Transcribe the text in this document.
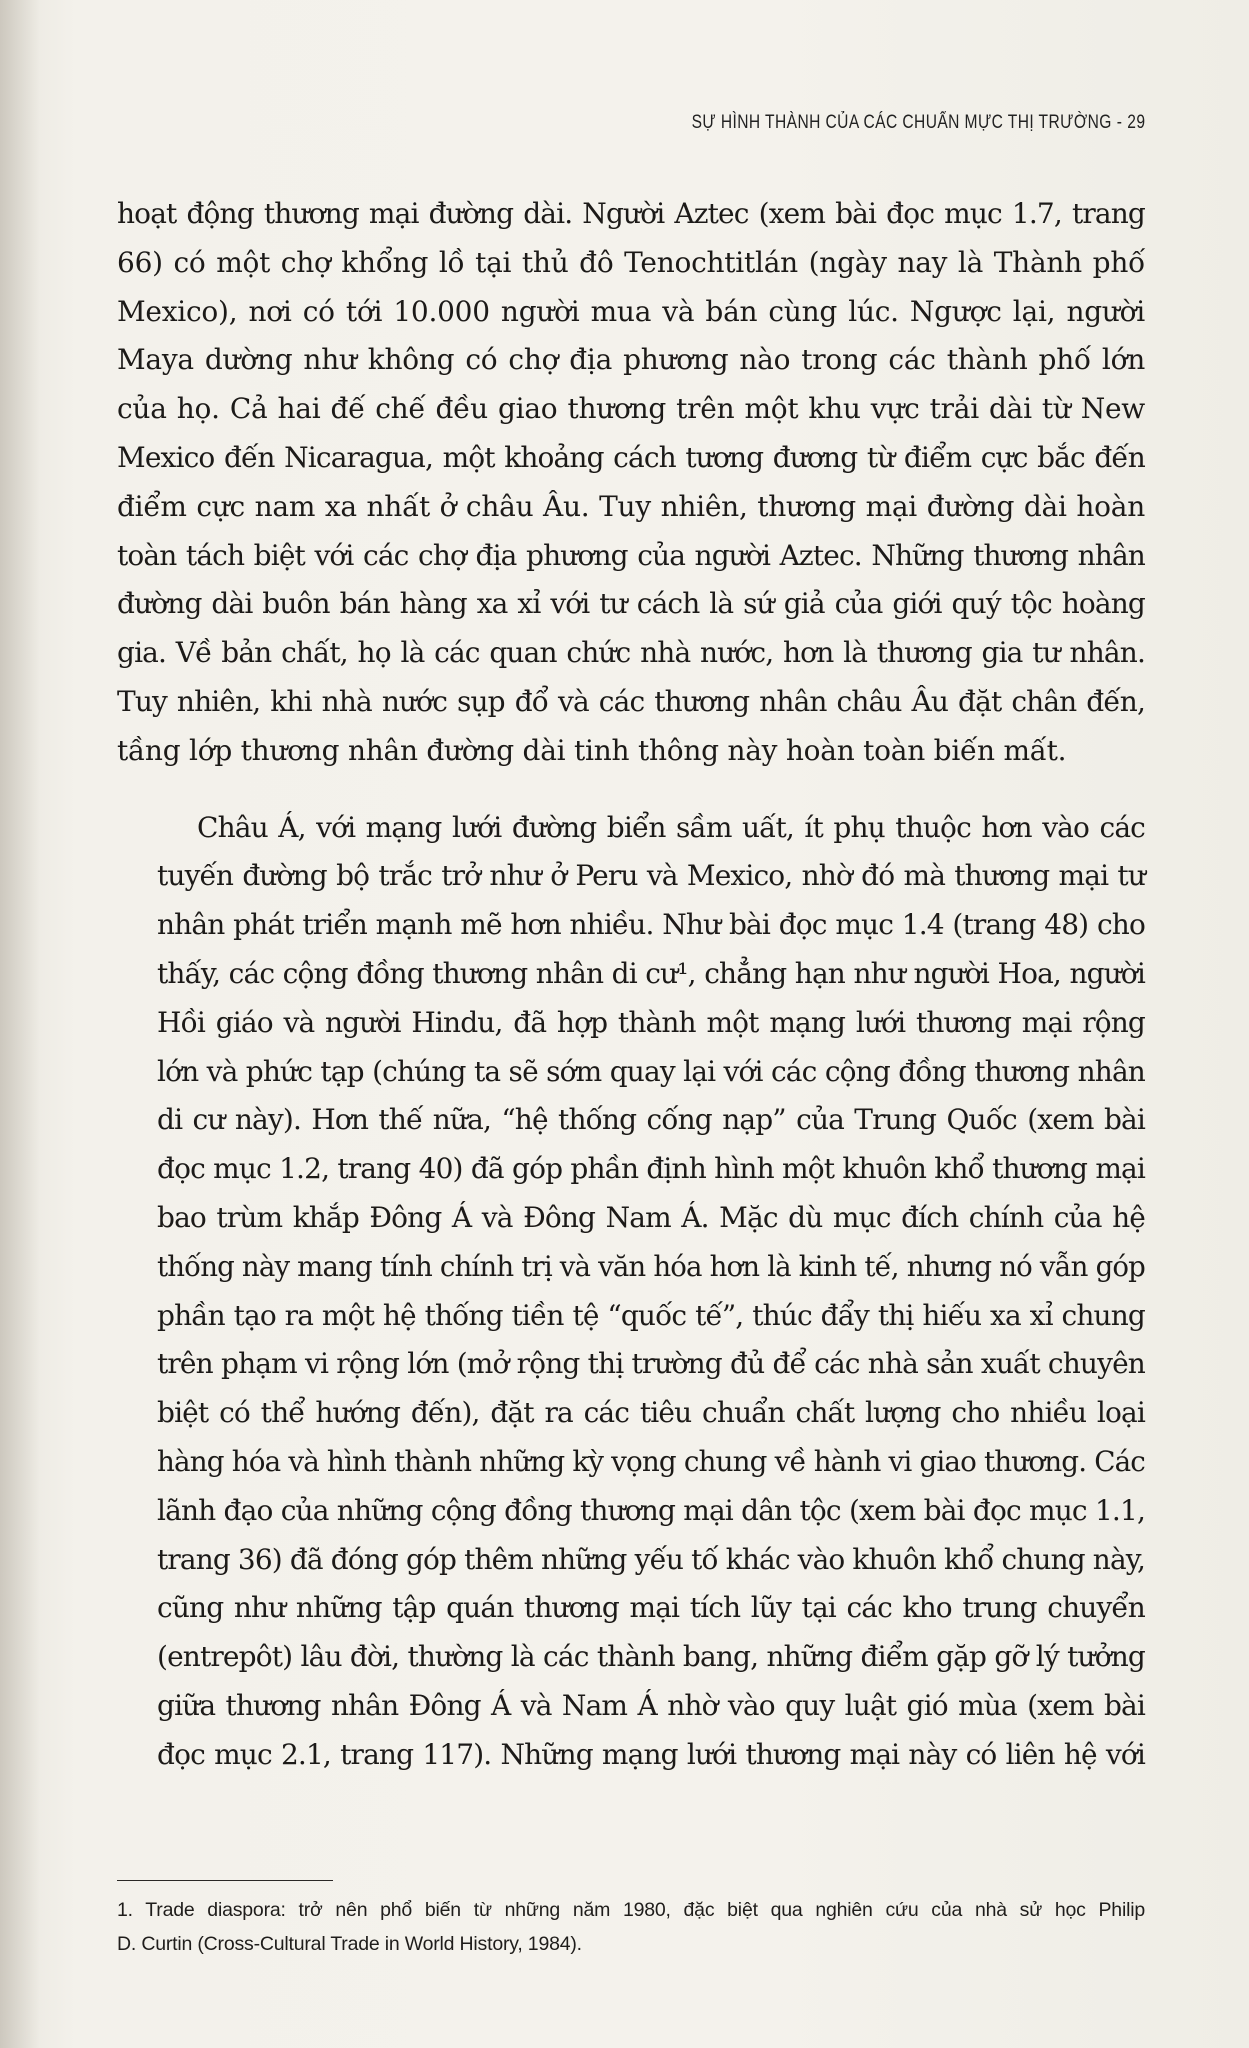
SỰ HÌNH THÀNH CỦA CÁC CHUẨN MỰC THỊ TRƯỜNG - 29

hoạt động thương mại đường dài. Người Aztec (xem bài đọc mục 1.7, trang
66) có một chợ khổng lồ tại thủ đô Tenochtitlán (ngày nay là Thành phố
Mexico), nơi có tới 10.000 người mua và bán cùng lúc. Ngược lại, người
Maya dường như không có chợ địa phương nào trong các thành phố lớn
của họ. Cả hai đế chế đều giao thương trên một khu vực trải dài từ New
Mexico đến Nicaragua, một khoảng cách tương đương từ điểm cực bắc đến
điểm cực nam xa nhất ở châu Âu. Tuy nhiên, thương mại đường dài hoàn
toàn tách biệt với các chợ địa phương của người Aztec. Những thương nhân
đường dài buôn bán hàng xa xỉ với tư cách là sứ giả của giới quý tộc hoàng
gia. Về bản chất, họ là các quan chức nhà nước, hơn là thương gia tư nhân.
Tuy nhiên, khi nhà nước sụp đổ và các thương nhân châu Âu đặt chân đến,
tầng lớp thương nhân đường dài tinh thông này hoàn toàn biến mất.

Châu Á, với mạng lưới đường biển sầm uất, ít phụ thuộc hơn vào các
tuyến đường bộ trắc trở như ở Peru và Mexico, nhờ đó mà thương mại tư
nhân phát triển mạnh mẽ hơn nhiều. Như bài đọc mục 1.4 (trang 48) cho
thấy, các cộng đồng thương nhân di cư¹, chẳng hạn như người Hoa, người
Hồi giáo và người Hindu, đã hợp thành một mạng lưới thương mại rộng
lớn và phức tạp (chúng ta sẽ sớm quay lại với các cộng đồng thương nhân
di cư này). Hơn thế nữa, “hệ thống cống nạp” của Trung Quốc (xem bài
đọc mục 1.2, trang 40) đã góp phần định hình một khuôn khổ thương mại
bao trùm khắp Đông Á và Đông Nam Á. Mặc dù mục đích chính của hệ
thống này mang tính chính trị và văn hóa hơn là kinh tế, nhưng nó vẫn góp
phần tạo ra một hệ thống tiền tệ “quốc tế”, thúc đẩy thị hiếu xa xỉ chung
trên phạm vi rộng lớn (mở rộng thị trường đủ để các nhà sản xuất chuyên
biệt có thể hướng đến), đặt ra các tiêu chuẩn chất lượng cho nhiều loại
hàng hóa và hình thành những kỳ vọng chung về hành vi giao thương. Các
lãnh đạo của những cộng đồng thương mại dân tộc (xem bài đọc mục 1.1,
trang 36) đã đóng góp thêm những yếu tố khác vào khuôn khổ chung này,
cũng như những tập quán thương mại tích lũy tại các kho trung chuyển
(entrepôt) lâu đời, thường là các thành bang, những điểm gặp gỡ lý tưởng
giữa thương nhân Đông Á và Nam Á nhờ vào quy luật gió mùa (xem bài
đọc mục 2.1, trang 117). Những mạng lưới thương mại này có liên hệ với

1. Trade diaspora: trở nên phổ biến từ những năm 1980, đặc biệt qua nghiên cứu của nhà sử học Philip
D. Curtin (Cross-Cultural Trade in World History, 1984).
